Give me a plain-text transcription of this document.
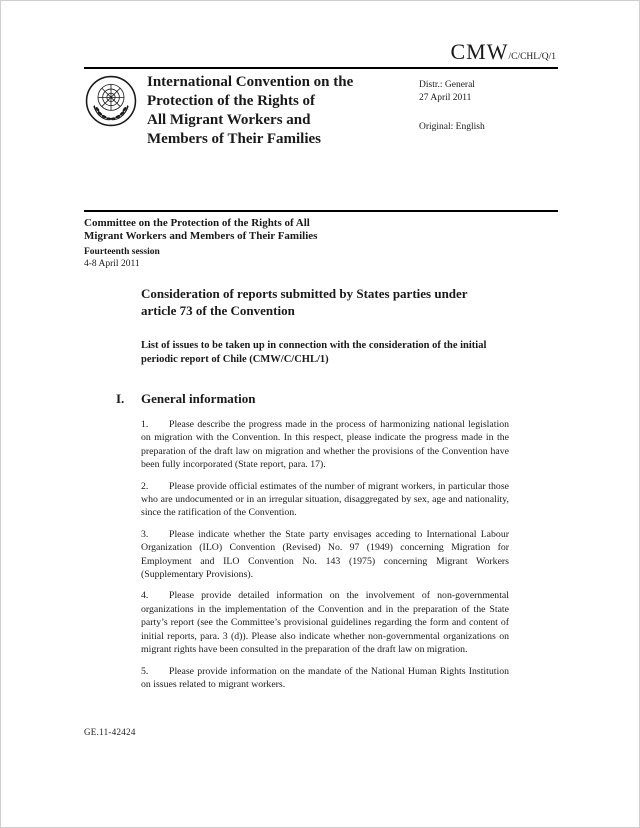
CMW/C/CHL/Q/1
International Convention on the
Protection of the Rights of
All Migrant Workers and
Members of Their Families
Distr.: General
27 April 2011
Original: English
Committee on the Protection of the Rights of All
Migrant Workers and Members of Their Families
Fourteenth session
4-8 April 2011
Consideration of reports submitted by States parties under article 73 of the Convention
List of issues to be taken up in connection with the consideration of the initial periodic report of Chile (CMW/C/CHL/1)
I. General information

1. Please describe the progress made in the process of harmonizing national legislation on migration with the Convention. In this respect, please indicate the progress made in the preparation of the draft law on migration and whether the provisions of the Convention have been fully incorporated (State report, para. 17).

2. Please provide official estimates of the number of migrant workers, in particular those who are undocumented or in an irregular situation, disaggregated by sex, age and nationality, since the ratification of the Convention.

3. Please indicate whether the State party envisages acceding to International Labour Organization (ILO) Convention (Revised) No. 97 (1949) concerning Migration for Employment and ILO Convention No. 143 (1975) concerning Migrant Workers (Supplementary Provisions).

4. Please provide detailed information on the involvement of non-governmental organizations in the implementation of the Convention and in the preparation of the State party’s report (see the Committee’s provisional guidelines regarding the form and content of initial reports, para. 3 (d)). Please also indicate whether non-governmental organizations on migrant rights have been consulted in the preparation of the draft law on migration.

5. Please provide information on the mandate of the National Human Rights Institution on issues related to migrant workers.

GE.11-42424
